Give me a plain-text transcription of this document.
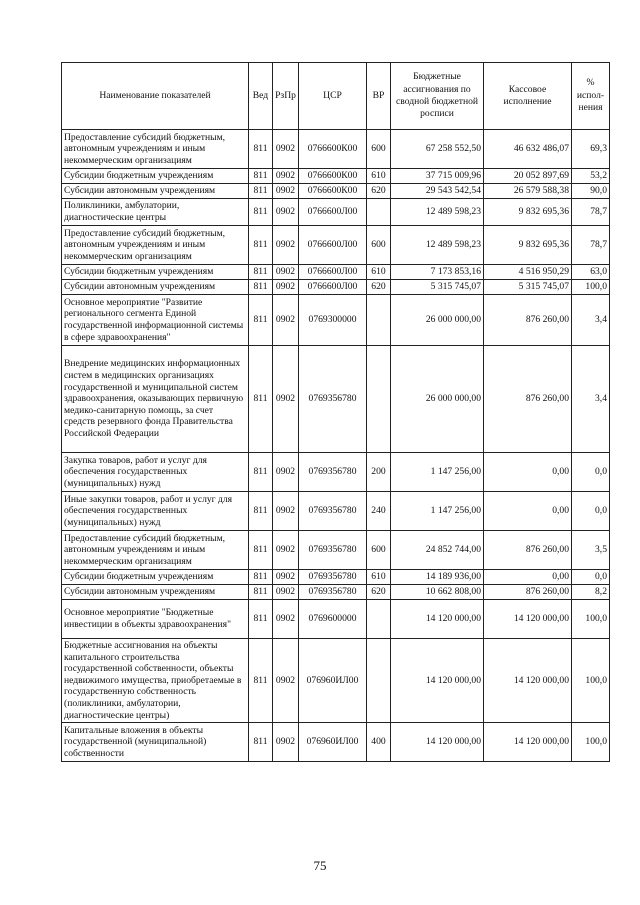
Наименование показателей	Вед	РзПр	ЦСР	ВР	Бюджетные ассигнования по сводной бюджетной росписи	Кассовое исполнение	% испол- нения
Предоставление субсидий бюджетным, автономным учреждениям и иным некоммерческим организациям	811	0902	0766600К00	600	67 258 552,50	46 632 486,07	69,3
Субсидии бюджетным учреждениям	811	0902	0766600К00	610	37 715 009,96	20 052 897,69	53,2
Субсидии автономным учреждениям	811	0902	0766600К00	620	29 543 542,54	26 579 588,38	90,0
Поликлиники, амбулатории, диагностические центры	811	0902	0766600Л00		12 489 598,23	9 832 695,36	78,7
Предоставление субсидий бюджетным, автономным учреждениям и иным некоммерческим организациям	811	0902	0766600Л00	600	12 489 598,23	9 832 695,36	78,7
Субсидии бюджетным учреждениям	811	0902	0766600Л00	610	7 173 853,16	4 516 950,29	63,0
Субсидии автономным учреждениям	811	0902	0766600Л00	620	5 315 745,07	5 315 745,07	100,0
Основное мероприятие "Развитие регионального сегмента Единой государственной информационной системы в сфере здравоохранения"	811	0902	0769300000		26 000 000,00	876 260,00	3,4
Внедрение медицинских информационных систем в медицинских организациях государственной и муниципальной систем здравоохранения, оказывающих первичную медико-санитарную помощь, за счет средств резервного фонда Правительства Российской Федерации	811	0902	0769356780		26 000 000,00	876 260,00	3,4
Закупка товаров, работ и услуг для обеспечения государственных (муниципальных) нужд	811	0902	0769356780	200	1 147 256,00	0,00	0,0
Иные закупки товаров, работ и услуг для обеспечения государственных (муниципальных) нужд	811	0902	0769356780	240	1 147 256,00	0,00	0,0
Предоставление субсидий бюджетным, автономным учреждениям и иным некоммерческим организациям	811	0902	0769356780	600	24 852 744,00	876 260,00	3,5
Субсидии бюджетным учреждениям	811	0902	0769356780	610	14 189 936,00	0,00	0,0
Субсидии автономным учреждениям	811	0902	0769356780	620	10 662 808,00	876 260,00	8,2
Основное мероприятие "Бюджетные инвестиции в объекты здравоохранения"	811	0902	0769600000		14 120 000,00	14 120 000,00	100,0
Бюджетные ассигнования на объекты капитального строительства государственной собственности, объекты недвижимого имущества, приобретаемые в государственную собственность (поликлиники, амбулатории, диагностические центры)	811	0902	076960ИЛ00		14 120 000,00	14 120 000,00	100,0
Капитальные вложения в объекты государственной (муниципальной) собственности	811	0902	076960ИЛ00	400	14 120 000,00	14 120 000,00	100,0
75
